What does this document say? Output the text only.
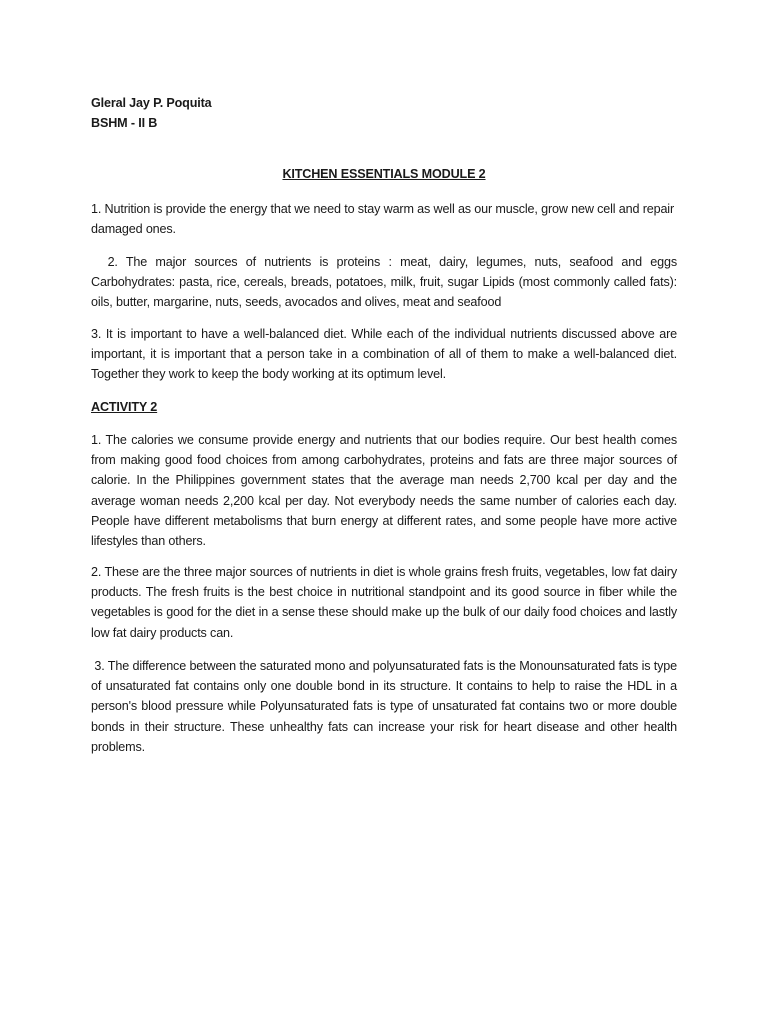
Gleral Jay P. Poquita
BSHM - II B
KITCHEN ESSENTIALS MODULE 2

1. Nutrition is provide the energy that we need to stay warm as well as our muscle, grow new cell and repair damaged ones.

2. The major sources of nutrients is proteins : meat, dairy, legumes, nuts, seafood and eggs Carbohydrates: pasta, rice, cereals, breads, potatoes, milk, fruit, sugar Lipids (most commonly called fats): oils, butter, margarine, nuts, seeds, avocados and olives, meat and seafood

3. It is important to have a well-balanced diet. While each of the individual nutrients discussed above are important, it is important that a person take in a combination of all of them to make a well-balanced diet. Together they work to keep the body working at its optimum level.

ACTIVITY 2

1. The calories we consume provide energy and nutrients that our bodies require. Our best health comes from making good food choices from among carbohydrates, proteins and fats are three major sources of calorie. In the Philippines government states that the average man needs 2,700 kcal per day and the average woman needs 2,200 kcal per day. Not everybody needs the same number of calories each day. People have different metabolisms that burn energy at different rates, and some people have more active lifestyles than others.

2. These are the three major sources of nutrients in diet is whole grains fresh fruits, vegetables, low fat dairy products. The fresh fruits is the best choice in nutritional standpoint and its good source in fiber while the vegetables is good for the diet in a sense these should make up the bulk of our daily food choices and lastly low fat dairy products can.

3. The difference between the saturated mono and polyunsaturated fats is the Monounsaturated fats is type of unsaturated fat contains only one double bond in its structure. It contains to help to raise the HDL in a person's blood pressure while Polyunsaturated fats is type of unsaturated fat contains two or more double bonds in their structure. These unhealthy fats can increase your risk for heart disease and other health problems.
